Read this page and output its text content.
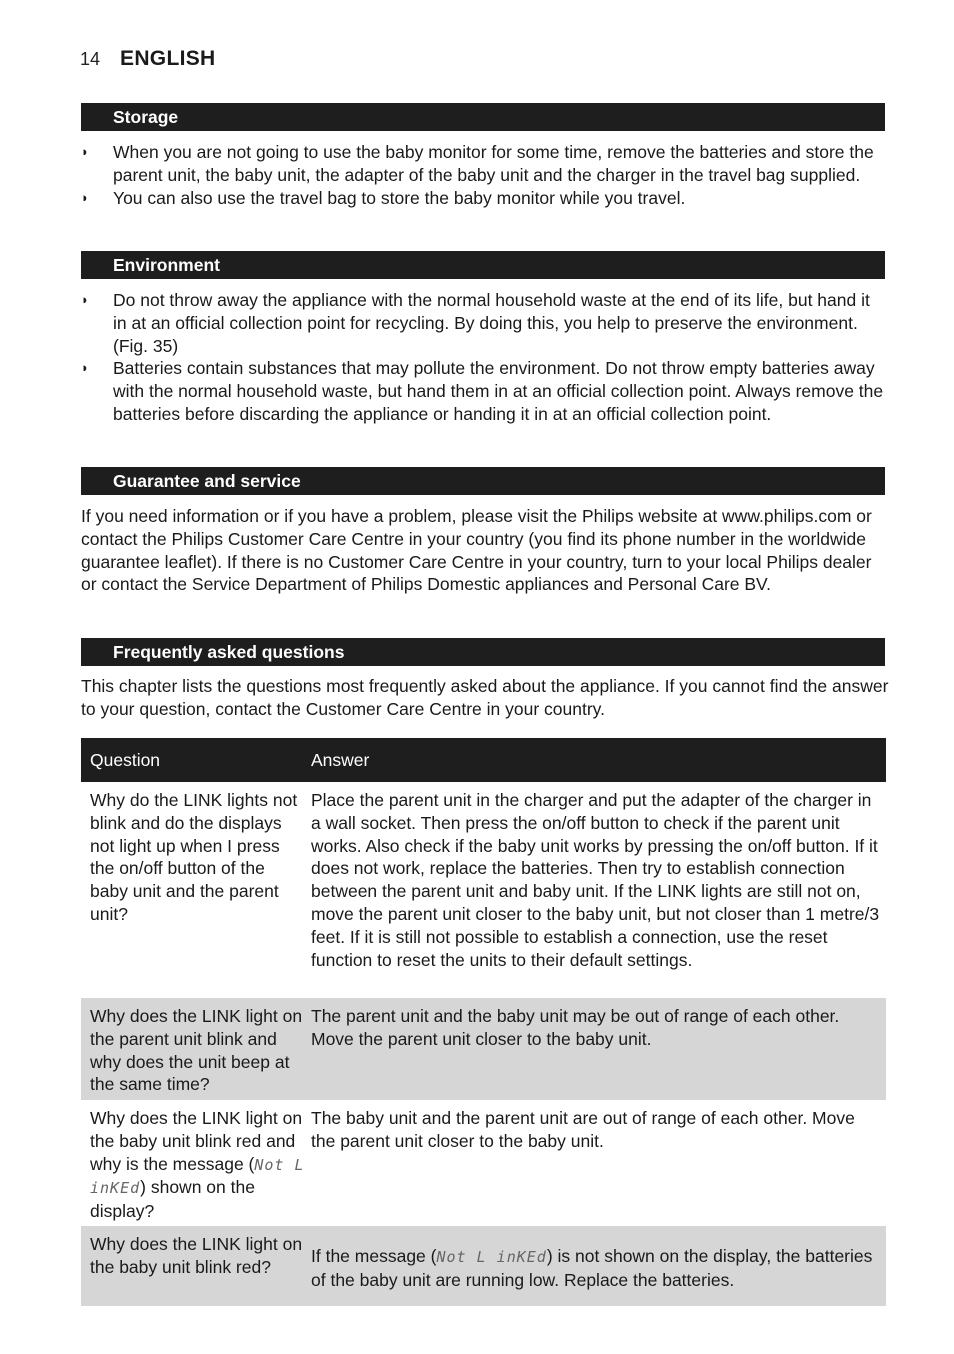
14 ENGLISH
Storage
◗ When you are not going to use the baby monitor for some time, remove the batteries and store the parent unit, the baby unit, the adapter of the baby unit and the charger in the travel bag supplied.
◗ You can also use the travel bag to store the baby monitor while you travel.
Environment
◗ Do not throw away the appliance with the normal household waste at the end of its life, but hand it in at an official collection point for recycling. By doing this, you help to preserve the environment. (Fig. 35)
◗ Batteries contain substances that may pollute the environment. Do not throw empty batteries away with the normal household waste, but hand them in at an official collection point. Always remove the batteries before discarding the appliance or handing it in at an official collection point.
Guarantee and service

If you need information or if you have a problem, please visit the Philips website at www.philips.com or contact the Philips Customer Care Centre in your country (you find its phone number in the worldwide guarantee leaflet). If there is no Customer Care Centre in your country, turn to your local Philips dealer or contact the Service Department of Philips Domestic appliances and Personal Care BV.

Frequently asked questions

This chapter lists the questions most frequently asked about the appliance. If you cannot find the answer to your question, contact the Customer Care Centre in your country.

Question	Answer
Why do the LINK lights not blink and do the displays not light up when I press the on/off button of the baby unit and the parent unit?
Place the parent unit in the charger and put the adapter of the charger in a wall socket. Then press the on/off button to check if the parent unit works. Also check if the baby unit works by pressing the on/off button. If it does not work, replace the batteries. Then try to establish connection between the parent unit and baby unit. If the LINK lights are still not on, move the parent unit closer to the baby unit, but not closer than 1 metre/3 feet. If it is still not possible to establish a connection, use the reset function to reset the units to their default settings.
Why does the LINK light on the parent unit blink and why does the unit beep at the same time?
The parent unit and the baby unit may be out of range of each other. Move the parent unit closer to the baby unit.
Why does the LINK light on the baby unit blink red and why is the message (Not L inKEd) shown on the display?
The baby unit and the parent unit are out of range of each other. Move the parent unit closer to the baby unit.
Why does the LINK light on the baby unit blink red?
If the message (Not L inKEd) is not shown on the display, the batteries of the baby unit are running low. Replace the batteries.
